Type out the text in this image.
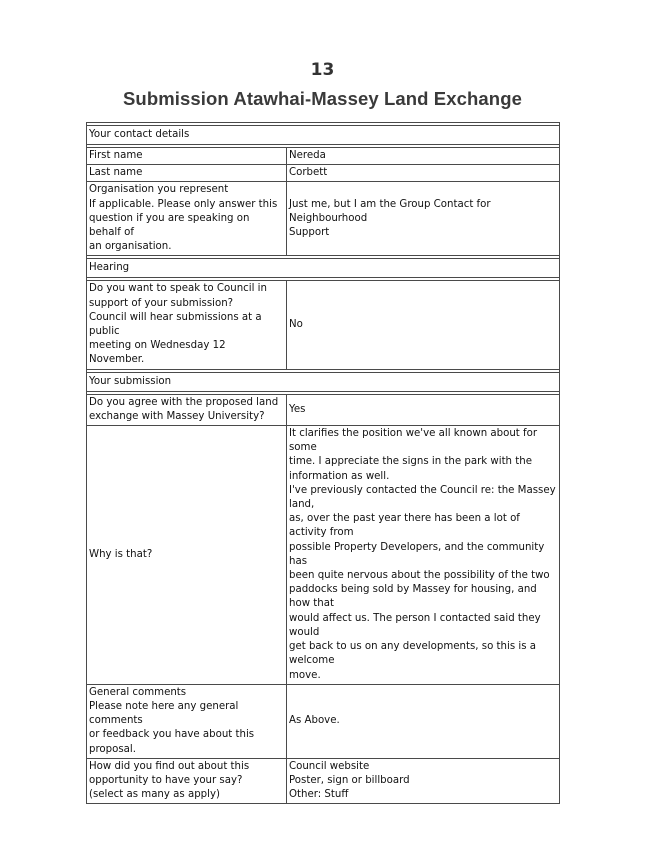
13
Submission Atawhai-Massey Land Exchange

Your contact details	

First name	Nereda

Last name	Corbett

Organisation you represent
If applicable. Please only answer this
question if you are speaking on behalf of
an organisation.	Just me, but I am the Group Contact for Neighbourhood
Support

Hearing	

Do you want to speak to Council in
support of your submission?
Council will hear submissions at a public
meeting on Wednesday 12 November.	No

Your submission	

Do you agree with the proposed land
exchange with Massey University?	Yes

Why is that?

It clarifies the position we've all known about for some
time. I appreciate the signs in the park with the
information as well.
I've previously contacted the Council re: the Massey land,
as, over the past year there has been a lot of activity from
possible Property Developers, and the community has
been quite nervous about the possibility of the two
paddocks being sold by Massey for housing, and how that
would affect us. The person I contacted said they would
get back to us on any developments, so this is a welcome
move.

General comments
Please note here any general comments
or feedback you have about this proposal.	As Above.

How did you find out about this
opportunity to have your say?
(select as many as apply)	Council website
Poster, sign or billboard
Other: Stuff
